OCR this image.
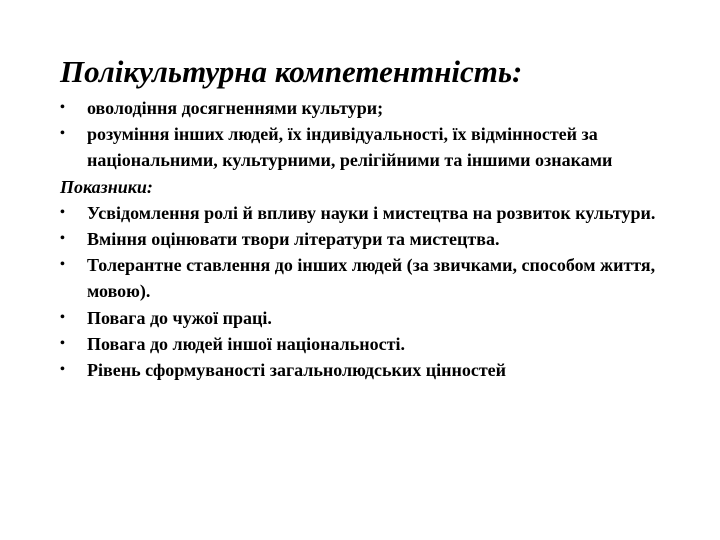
Полікультурна компетентність:
• оволодіння досягненнями культури;
• розуміння інших людей, їх індивідуальності, їх відмінностей за національними, культурними, релігійними та іншими ознаками
Показники:
• Усвідомлення ролі й впливу науки і мистецтва на розвиток культури.
• Вміння оцінювати твори літератури та мистецтва.
• Толерантне ставлення до інших людей (за звичками, способом життя, мовою).
• Повага до чужої праці.
• Повага до людей іншої національності.
• Рівень сформуваності загальнолюдських цінностей
